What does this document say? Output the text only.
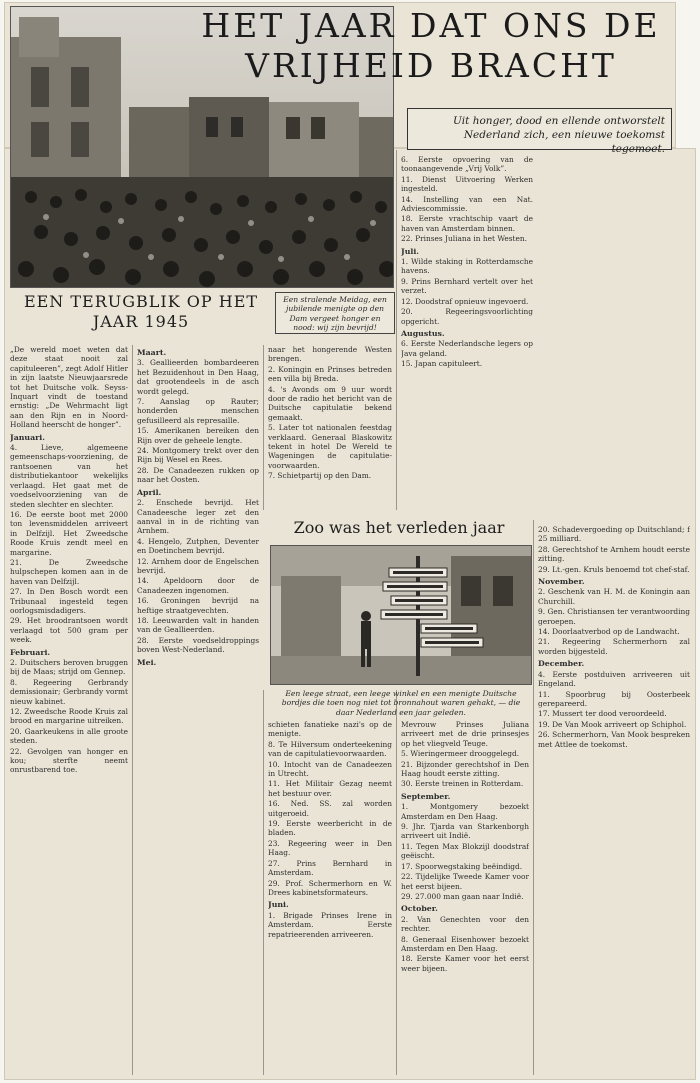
HET JAAR DAT ONS DE
VRIJHEID BRACHT
Uit honger, dood en ellende ontworstelt Nederland zich, een nieuwe toekomst tegemoet.
EEN TERUGBLIK OP HET
JAAR 1945
Een stralende Meidag, een jubilende menigte op den Dam vergeet honger en nood: wij zijn bevrijd!

„De wereld moet weten dat deze staat nooit zal capituleeren”, zegt Adolf Hitler in zijn laatste Nieuwjaarsrede tot het Duitsche volk. Seyss-Inquart vindt de toestand ernstig: „De Wehrmacht ligt aan den Rijn en in Noord-Holland heerscht de honger”.

Januari.

4. Lieve, algemeene gemeenschaps-voorziening, de rantsoenen van het distributiekantoor wekelijks verlaagd. Het gaat met de voedselvoorziening van de steden slechter en slechter.

16. De eerste boot met 2000 ton levensmiddelen arriveert in Delfzijl. Het Zweedsche Roode Kruis zendt meel en margarine.

21. De Zweedsche hulpschepen komen aan in de haven van Delfzijl.

27. In Den Bosch wordt een Tribunaal ingesteld tegen oorlogsmisdadigers.

29. Het broodrantsoen wordt verlaagd tot 500 gram per week.

Februari.

2. Duitschers beroven bruggen bij de Maas; strijd om Gennep.

8. Regeering Gerbrandy demissionair; Gerbrandy vormt nieuw kabinet.

12. Zweedsche Roode Kruis zal brood en margarine uitreiken.

20. Gaarkeukens in alle groote steden.

22. Gevolgen van honger en kou; sterfte neemt onrustbarend toe.

Maart.

3. Geallieerden bombardeeren het Bezuidenhout in Den Haag, dat grootendeels in de asch wordt gelegd.

7. Aanslag op Rauter; honderden menschen gefusilleerd als represaille.

15. Amerikanen bereiken den Rijn over de geheele lengte.

24. Montgomery trekt over den Rijn bij Wesel en Rees.

28. De Canadeezen rukken op naar het Oosten.

April.

2. Enschede bevrijd. Het Canadeesche leger zet den aanval in in de richting van Arnhem.

4. Hengelo, Zutphen, Deventer en Doetinchem bevrijd.

12. Arnhem door de Engelschen bevrijd.

14. Apeldoorn door de Canadeezen ingenomen.

16. Groningen bevrijd na heftige straatgevechten.

18. Leeuwarden valt in handen van de Geallieerden.

28. Eerste voedseldroppings boven West-Nederland.

Mei.

naar het hongerende Westen brengen.

2. Koningin en Prinses betreden een villa bij Breda.

4. 's Avonds om 9 uur wordt door de radio het bericht van de Duitsche capitulatie bekend gemaakt.

5. Later tot nationalen feestdag verklaard. Generaal Blaskowitz tekent in hotel De Wereld te Wageningen de capitulatie-voorwaarden.

7. Schietpartij op den Dam.

6. Eerste opvoering van de toonaangevende „Vrij Volk”.

11. Dienst Uitvoering Werken ingesteld.

14. Instelling van een Nat. Adviescommissie.

18. Eerste vrachtschip vaart de haven van Amsterdam binnen.

22. Prinses Juliana in het Westen.

Juli.

1. Wilde staking in Rotterdamsche havens.

9. Prins Bernhard vertelt over het verzet.

12. Doodstraf opnieuw ingevoerd.

20. Regeeringsvoorlichting opgericht.

Augustus.

6. Eerste Nederlandsche legers op Java geland.

15. Japan capituleert.

Zoo was het verleden jaar
Een leege straat, een leege winkel en een menigte Duitsche bordjes die toen nog niet tot bronnahout waren gehakt, — die daar Nederland een jaar geleden.

20. Schadevergoeding op Duitschland; f 25 milliard.

28. Gerechtshof te Arnhem houdt eerste zitting.

29. Lt.-gen. Kruls benoemd tot chef-staf.

November.

2. Geschenk van H. M. de Koningin aan Churchill.

9. Gen. Christiansen ter verantwoording geroepen.

14. Doorlaatverbod op de Landwacht.

21. Regeering Schermerhorn zal worden bijgesteld.

December.

4. Eerste postduiven arriveeren uit Engeland.

11. Spoorbrug bij Oosterbeek gerepareerd.

17. Mussert ter dood veroordeeld.

19. De Van Mook arriveert op Schiphol.

26. Schermerhorn, Van Mook bespreken met Attlee de toekomst.

schieten fanatieke nazi's op de menigte.

8. Te Hilversum onderteekening van de capitulatievoorwaarden.

10. Intocht van de Canadeezen in Utrecht.

11. Het Militair Gezag neemt het bestuur over.

16. Ned. SS. zal worden uitgeroeid.

19. Eerste weerbericht in de bladen.

23. Regeering weer in Den Haag.

27. Prins Bernhard in Amsterdam.

29. Prof. Schermerhorn en W. Drees kabinetsformateurs.

Juni.

1. Brigade Prinses Irene in Amsterdam. Eerste repatrieerenden arriveeren.

Mevrouw Prinses Juliana arriveert met de drie prinsesjes op het vliegveld Teuge.

5. Wieringermeer drooggelegd.

21. Bijzonder gerechtshof in Den Haag houdt eerste zitting.

30. Eerste treinen in Rotterdam.

September.

1. Montgomery bezoekt Amsterdam en Den Haag.

9. Jhr. Tjarda van Starkenborgh arriveert uit Indië.

11. Tegen Max Blokzijl doodstraf geëischt.

17. Spoorwegstaking beëindigd.

22. Tijdelijke Tweede Kamer voor het eerst bijeen.

29. 27.000 man gaan naar Indië.

October.

2. Van Genechten voor den rechter.

8. Generaal Eisenhower bezoekt Amsterdam en Den Haag.

18. Eerste Kamer voor het eerst weer bijeen.
